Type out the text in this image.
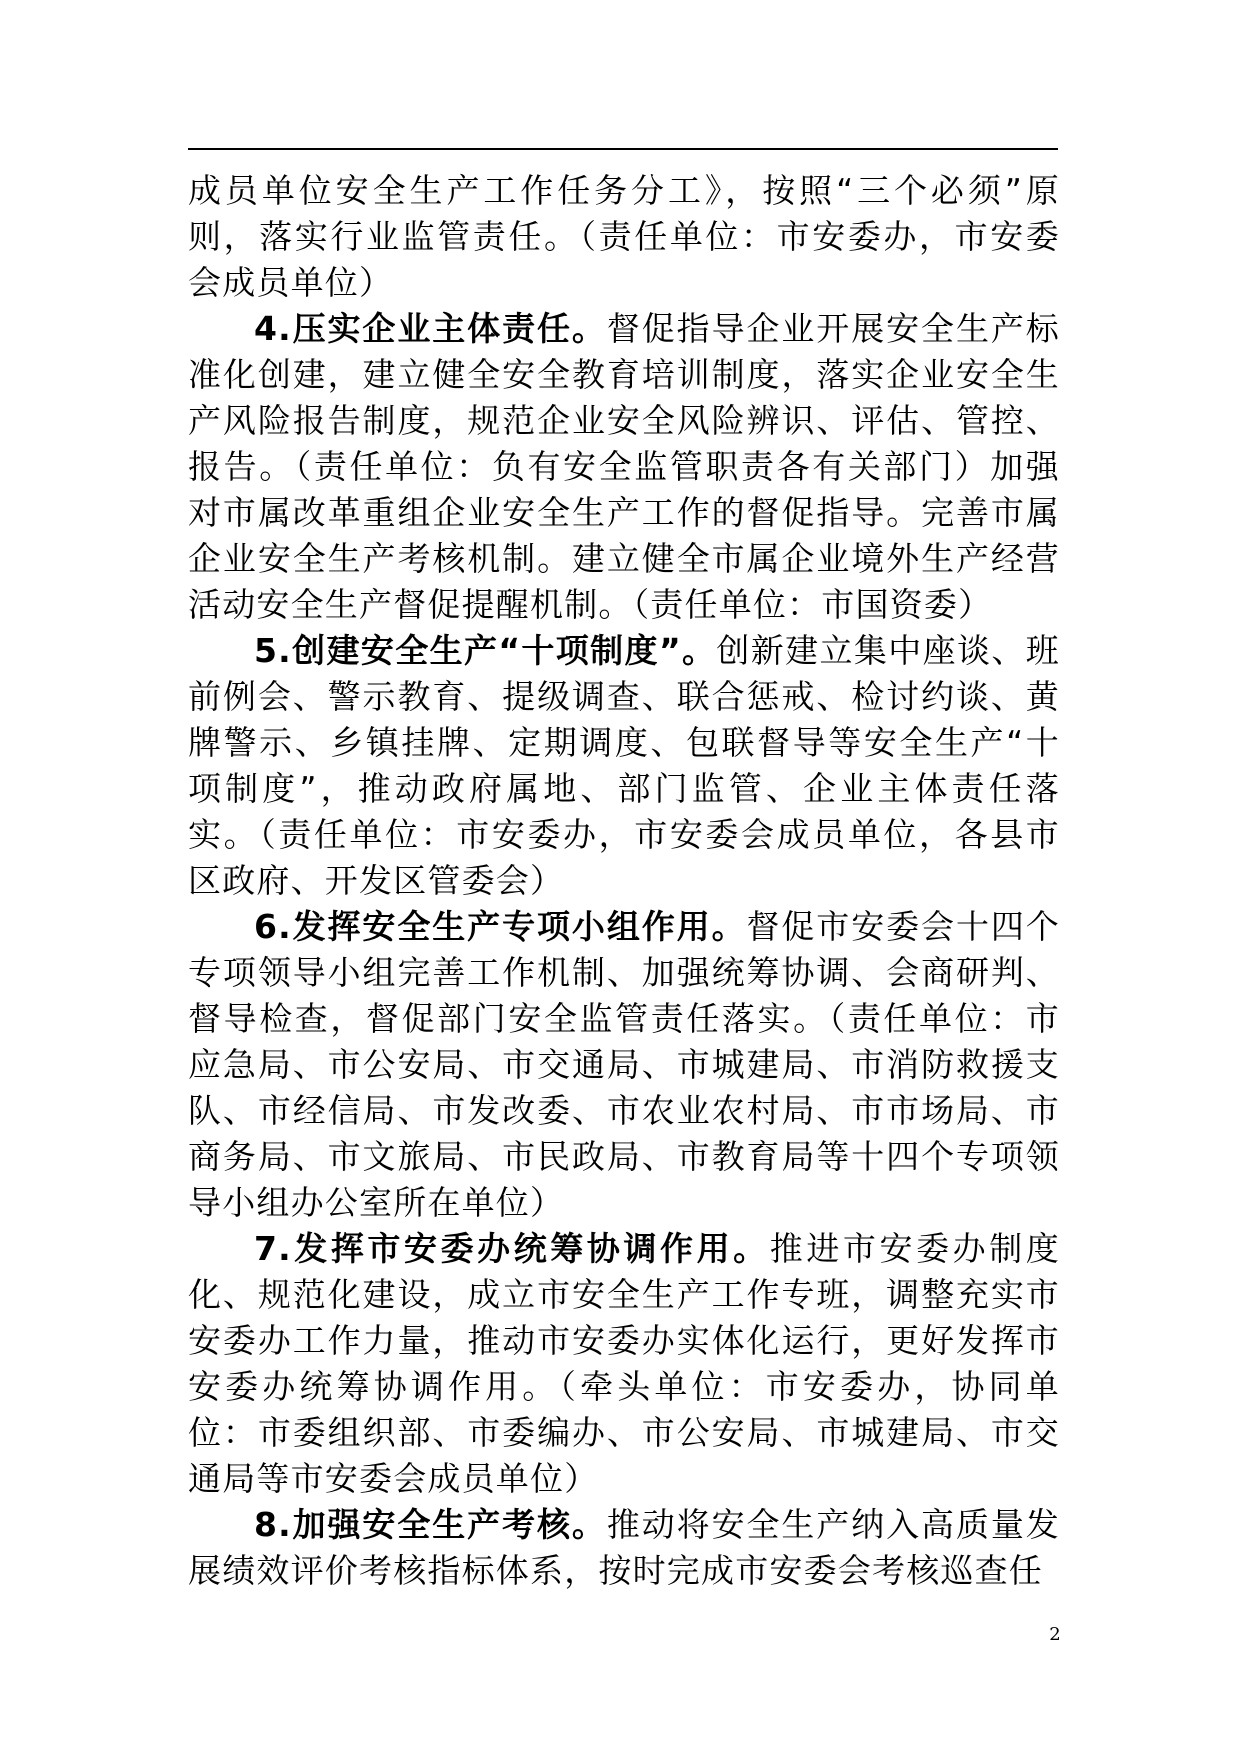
成员单位安全生产工作任务分工》，按照“三个必须”原则，落实行业监管责任。（责任单位：市安委办，市安委会成员单位）

4.压实企业主体责任。督促指导企业开展安全生产标准化创建，建立健全安全教育培训制度，落实企业安全生产风险报告制度，规范企业安全风险辨识、评估、管控、报告。（责任单位：负有安全监管职责各有关部门）加强对市属改革重组企业安全生产工作的督促指导。完善市属企业安全生产考核机制。建立健全市属企业境外生产经营活动安全生产督促提醒机制。（责任单位：市国资委）

5.创建安全生产“十项制度”。创新建立集中座谈、班前例会、警示教育、提级调查、联合惩戒、检讨约谈、黄牌警示、乡镇挂牌、定期调度、包联督导等安全生产“十项制度”，推动政府属地、部门监管、企业主体责任落实。（责任单位：市安委办，市安委会成员单位，各县市区政府、开发区管委会）

6.发挥安全生产专项小组作用。督促市安委会十四个专项领导小组完善工作机制、加强统筹协调、会商研判、督导检查，督促部门安全监管责任落实。（责任单位：市应急局、市公安局、市交通局、市城建局、市消防救援支队、市经信局、市发改委、市农业农村局、市市场局、市商务局、市文旅局、市民政局、市教育局等十四个专项领导小组办公室所在单位）

7.发挥市安委办统筹协调作用。推进市安委办制度化、规范化建设，成立市安全生产工作专班，调整充实市安委办工作力量，推动市安委办实体化运行，更好发挥市安委办统筹协调作用。（牵头单位：市安委办，协同单位：市委组织部、市委编办、市公安局、市城建局、市交通局等市安委会成员单位）

8.加强安全生产考核。推动将安全生产纳入高质量发展绩效评价考核指标体系，按时完成市安委会考核巡查任

2
